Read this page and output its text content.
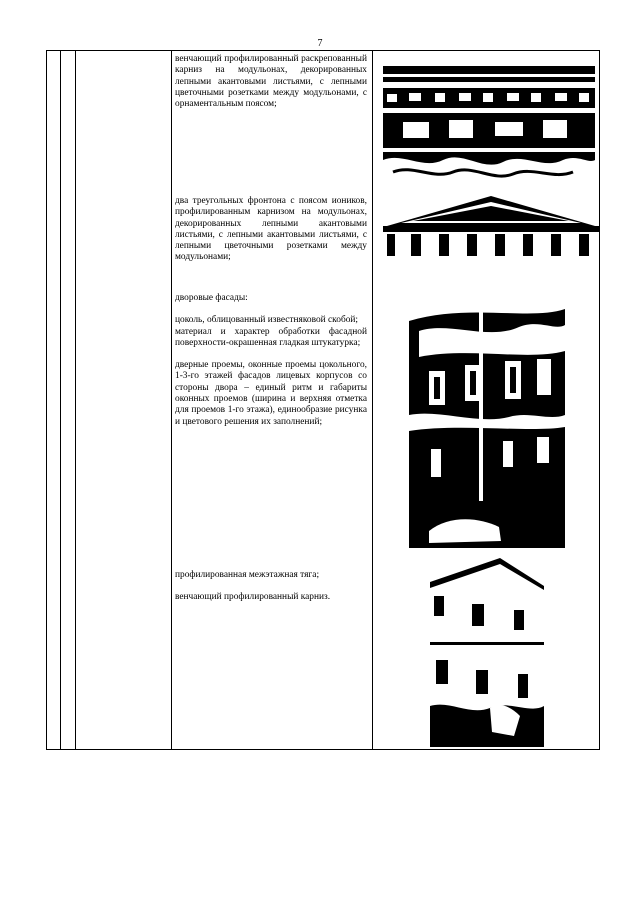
7

венчающий профилированный раскрепованный карниз на модульонах, декорированных лепными акантовыми листьями, с лепными цветочными розетками между модульонами, с орнаментальным поясом;

два треугольных фронтона с поясом иоников, профилированным карнизом на модульонах, декорированных лепными акантовыми листьями, с лепными акантовыми листьями, с лепными цветочными розетками между модульонами;

дворовые фасады:

цоколь, облицованный известняковой скобой;

материал и характер обработки фасадной поверхности-окрашенная гладкая штукатурка;

дверные проемы, оконные проемы цокольного, 1-3-го этажей фасадов лицевых корпусов со стороны двора – единый ритм и габариты оконных проемов (ширина и верхняя отметка для проемов 1-го этажа), единообразие рисунка и цветового решения их заполнений;

профилированная межэтажная тяга;

венчающий профилированный карниз.
